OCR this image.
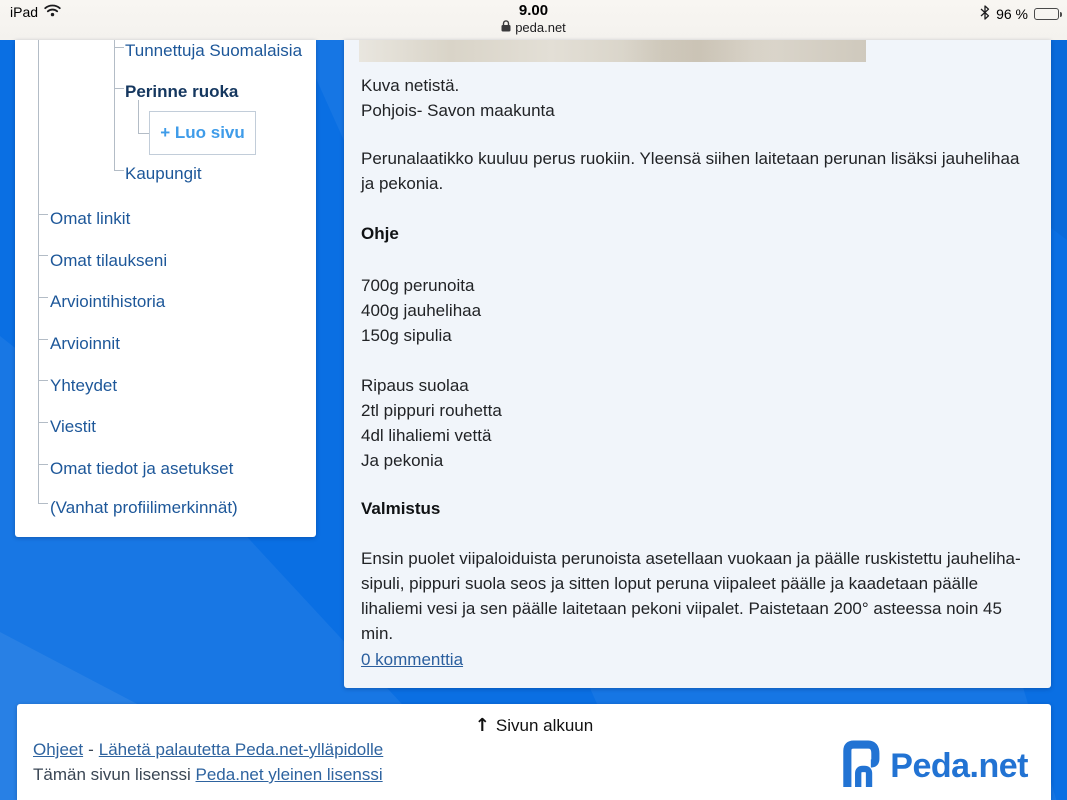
iPad	9.00
peda.net
96 %
Tunnettuja Suomalaisia
Perinne ruoka
+ Luo sivu
Kaupungit
Omat linkit
Omat tilaukseni
Arviointihistoria
Arvioinnit
Yhteydet
Viestit
Omat tiedot ja asetukset
(Vanhat profiilimerkinnät)
Kuva netistä.
Pohjois- Savon maakunta
Perunalaatikko kuuluu perus ruokiin. Yleensä siihen laitetaan perunan lisäksi jauhelihaa ja pekonia.
Ohje
700g perunoita
400g jauhelihaa
150g sipulia
Ripaus suolaa
2tl pippuri rouhetta
4dl lihaliemi vettä
Ja pekonia
Valmistus
Ensin puolet viipaloiduista perunoista asetellaan vuokaan ja päälle ruskistettu jauheliha-sipuli, pippuri suola seos ja sitten loput peruna viipaleet päälle ja kaadetaan päälle lihaliemi vesi ja sen päälle laitetaan pekoni viipalet. Paistetaan 200° asteessa noin 45 min.
0 kommenttia
↑ Sivun alkuun
Ohjeet - Lähetä palautetta Peda.net-ylläpidolle
Tämän sivun lisenssi Peda.net yleinen lisenssi	Peda.net
